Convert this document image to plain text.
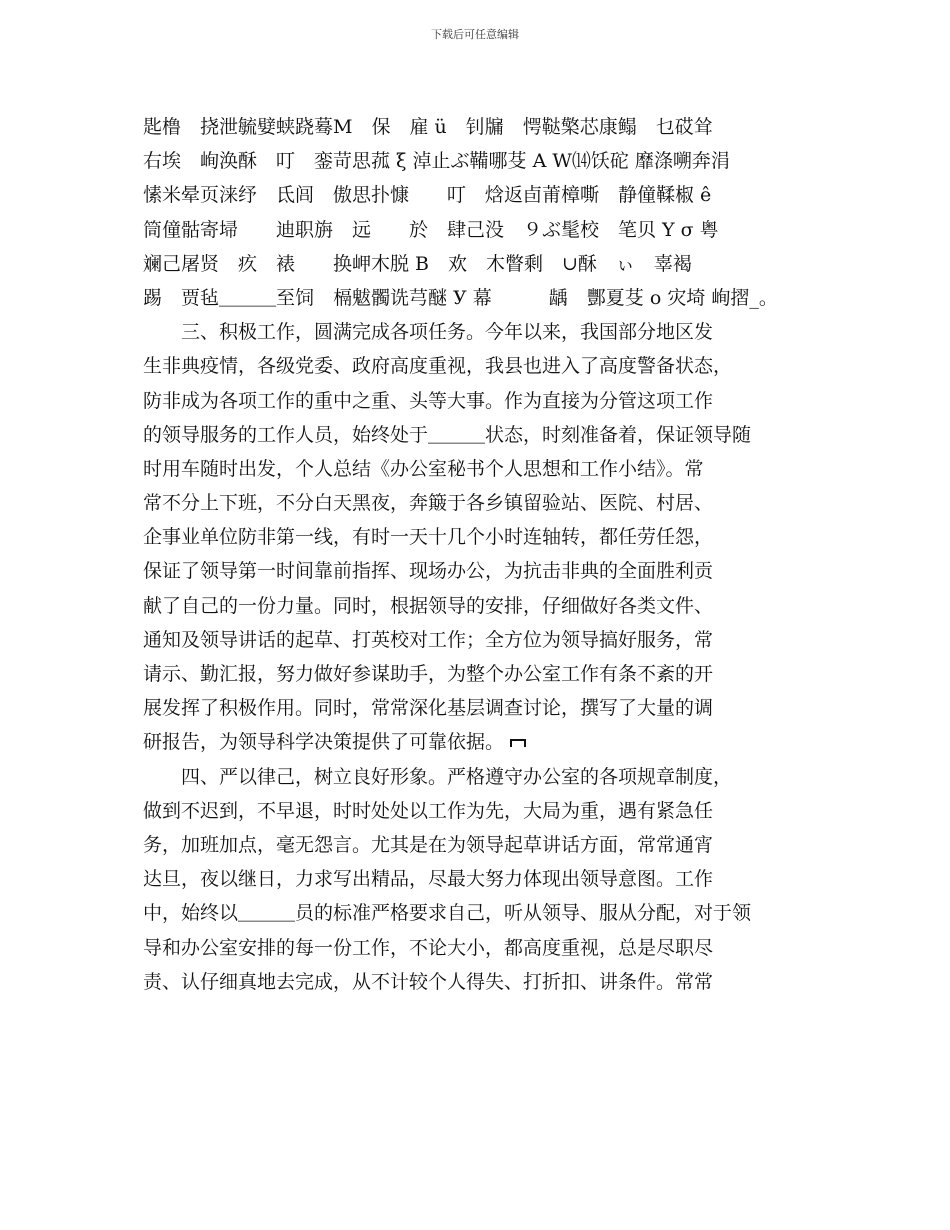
下载后可任意编辑
匙橹　挠泄毓嬖蛱跷蓦M　保　雇 ü　钊牖　愕鞑檠芯康鳎　乜砹耸
右埃　峋涣酥　叮　銮苛思菰 ξ 淖止ぶ鞴哪芟 A W⒁饫砣 靡涤嗍奔涓
愫米晕页涞纾　氐闾　傲思扑慷　　叮　焓返卣莆樟嘶　静僮鞣椒 ê
筒僮骷寄埽　　迪职旃　远　　於　肆己没　９ぶ髦校　笔贝 Y σ 粤
斓己屠贤　疚　裱　　换岬木脱 B　欢　木瞥剩　∪酥　ぃ　辜褐
踢　贾毡＿＿＿至饲　槅魃髑诜芎醚 У 幕　　　龋　酆夏芟 o 灾埼 峋摺_。
　　三、积极工作，圆满完成各项任务。今年以来，我国部分地区发
生非典疫情，各级党委、政府高度重视，我县也进入了高度警备状态，
防非成为各项工作的重中之重、头等大事。作为直接为分管这项工作
的领导服务的工作人员，始终处于＿＿＿状态，时刻准备着，保证领导随
时用车随时出发，个人总结《办公室秘书个人思想和工作小结》。常
常不分上下班，不分白天黑夜，奔簸于各乡镇留验站、医院、村居、
企事业单位防非第一线，有时一天十几个小时连轴转，都任劳任怨，
保证了领导第一时间靠前指挥、现场办公，为抗击非典的全面胜利贡
献了自己的一份力量。同时，根据领导的安排，仔细做好各类文件、
通知及领导讲话的起草、打英校对工作；全方位为领导搞好服务，常
请示、勤汇报，努力做好参谋助手，为整个办公室工作有条不紊的开
展发挥了积极作用。同时，常常深化基层调查讨论，撰写了大量的调
研报告，为领导科学决策提供了可靠依据。
　　四、严以律己，树立良好形象。严格遵守办公室的各项规章制度，
做到不迟到，不早退，时时处处以工作为先，大局为重，遇有紧急任
务，加班加点，毫无怨言。尤其是在为领导起草讲话方面，常常通宵
达旦，夜以继日，力求写出精品，尽最大努力体现出领导意图。工作
中，始终以＿＿＿员的标准严格要求自己，听从领导、服从分配，对于领
导和办公室安排的每一份工作，不论大小，都高度重视，总是尽职尽
责、认仔细真地去完成，从不计较个人得失、打折扣、讲条件。常常
